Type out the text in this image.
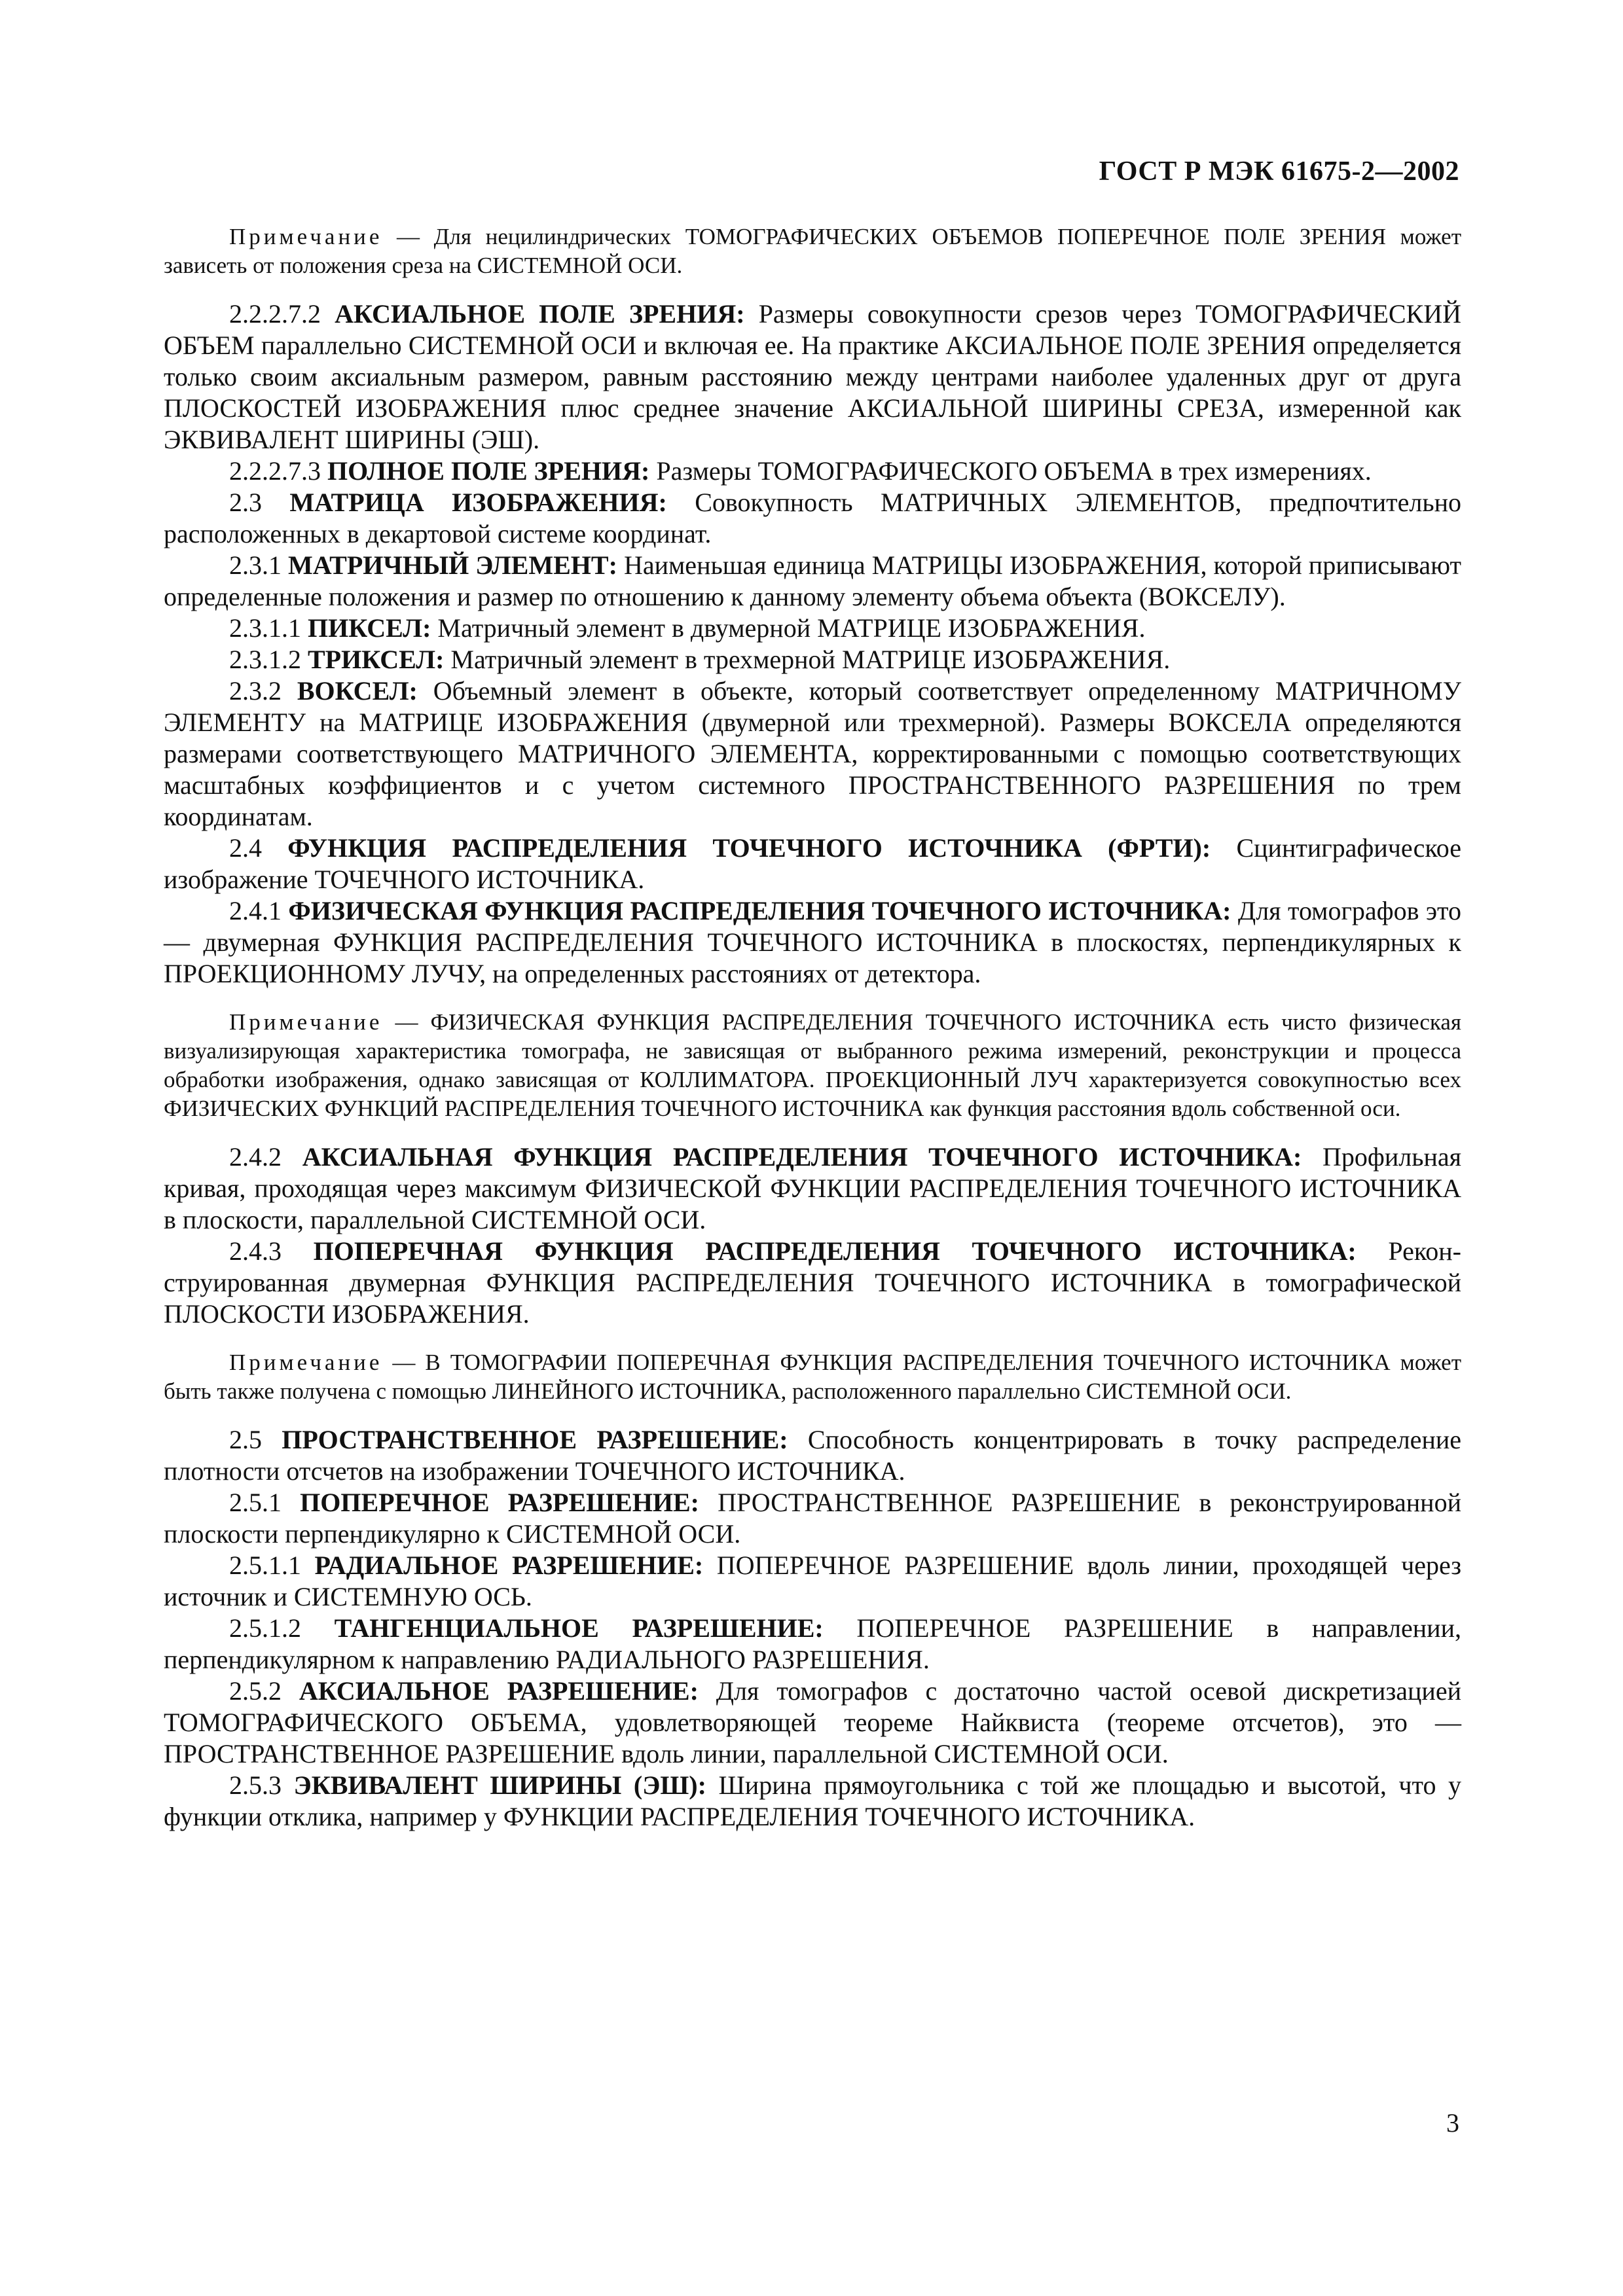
ГОСТ Р МЭК 61675-2—2002

Примечание — Для нецилиндрических ТОМОГРАФИЧЕСКИХ ОБЪЕМОВ ПОПЕРЕЧНОЕ ПОЛЕ ЗРЕНИЯ может зависеть от положения среза на СИСТЕМНОЙ ОСИ.

2.2.2.7.2 АКСИАЛЬНОЕ ПОЛЕ ЗРЕНИЯ: Размеры совокупности срезов через ТОМОГРАФИЧЕСКИЙ ОБЪЕМ параллельно СИСТЕМНОЙ ОСИ и включая ее. На практике АКСИАЛЬНОЕ ПОЛЕ ЗРЕНИЯ определяется только своим аксиальным размером, равным расстоянию между центрами наиболее удаленных друг от друга ПЛОСКОСТЕЙ ИЗОБРАЖЕНИЯ плюс среднее значение АКСИАЛЬНОЙ ШИРИНЫ СРЕЗА, измеренной как ЭКВИВАЛЕНТ ШИРИНЫ (ЭШ).

2.2.2.7.3 ПОЛНОЕ ПОЛЕ ЗРЕНИЯ: Размеры ТОМОГРАФИЧЕСКОГО ОБЪЕМА в трех измерениях.

2.3 МАТРИЦА ИЗОБРАЖЕНИЯ: Совокупность МАТРИЧНЫХ ЭЛЕМЕНТОВ, предпочтительно расположенных в декартовой системе координат.

2.3.1 МАТРИЧНЫЙ ЭЛЕМЕНТ: Наименьшая единица МАТРИЦЫ ИЗОБРАЖЕНИЯ, которой приписывают определенные положения и размер по отношению к данному элементу объема объекта (ВОКСЕЛУ).

2.3.1.1 ПИКСЕЛ: Матричный элемент в двумерной МАТРИЦЕ ИЗОБРАЖЕНИЯ.

2.3.1.2 ТРИКСЕЛ: Матричный элемент в трехмерной МАТРИЦЕ ИЗОБРАЖЕНИЯ.

2.3.2 ВОКСЕЛ: Объемный элемент в объекте, который соответствует определенному МАТРИЧНОМУ ЭЛЕМЕНТУ на МАТРИЦЕ ИЗОБРАЖЕНИЯ (двумерной или трехмерной). Размеры ВОКСЕЛА определяются размерами соответствующего МАТРИЧНОГО ЭЛЕМЕНТА, корректированными с помощью соответствующих масштабных коэффициентов и с учетом системного ПРОСТРАНСТВЕННОГО РАЗРЕШЕНИЯ по трем координатам.

2.4 ФУНКЦИЯ РАСПРЕДЕЛЕНИЯ ТОЧЕЧНОГО ИСТОЧНИКА (ФРТИ): Сцинтиграфическое изображение ТОЧЕЧНОГО ИСТОЧНИКА.

2.4.1 ФИЗИЧЕСКАЯ ФУНКЦИЯ РАСПРЕДЕЛЕНИЯ ТОЧЕЧНОГО ИСТОЧНИКА: Для томографов это — двумерная ФУНКЦИЯ РАСПРЕДЕЛЕНИЯ ТОЧЕЧНОГО ИСТОЧНИКА в плоскостях, перпендикулярных к ПРОЕКЦИОННОМУ ЛУЧУ, на определенных расстояниях от детектора.

Примечание — ФИЗИЧЕСКАЯ ФУНКЦИЯ РАСПРЕДЕЛЕНИЯ ТОЧЕЧНОГО ИСТОЧНИКА есть чисто физическая визуализирующая характеристика томографа, не зависящая от выбранного режима измерений, реконструкции и процесса обработки изображения, однако зависящая от КОЛЛИМАТОРА. ПРОЕКЦИОННЫЙ ЛУЧ характеризуется совокупностью всех ФИЗИЧЕСКИХ ФУНКЦИЙ РАСПРЕДЕЛЕНИЯ ТОЧЕЧНОГО ИСТОЧНИКА как функция расстояния вдоль собственной оси.

2.4.2 АКСИАЛЬНАЯ ФУНКЦИЯ РАСПРЕДЕЛЕНИЯ ТОЧЕЧНОГО ИСТОЧНИКА: Профильная кривая, проходящая через максимум ФИЗИЧЕСКОЙ ФУНКЦИИ РАСПРЕДЕЛЕНИЯ ТОЧЕЧНОГО ИСТОЧНИКА в плоскости, параллельной СИСТЕМНОЙ ОСИ.

2.4.3 ПОПЕРЕЧНАЯ ФУНКЦИЯ РАСПРЕДЕЛЕНИЯ ТОЧЕЧНОГО ИСТОЧНИКА: Реконструированная двумерная ФУНКЦИЯ РАСПРЕДЕЛЕНИЯ ТОЧЕЧНОГО ИСТОЧНИКА в томографической ПЛОСКОСТИ ИЗОБРАЖЕНИЯ.

Примечание — В ТОМОГРАФИИ ПОПЕРЕЧНАЯ ФУНКЦИЯ РАСПРЕДЕЛЕНИЯ ТОЧЕЧНОГО ИСТОЧНИКА может быть также получена с помощью ЛИНЕЙНОГО ИСТОЧНИКА, расположенного параллельно СИСТЕМНОЙ ОСИ.

2.5 ПРОСТРАНСТВЕННОЕ РАЗРЕШЕНИЕ: Способность концентрировать в точку распределение плотности отсчетов на изображении ТОЧЕЧНОГО ИСТОЧНИКА.

2.5.1 ПОПЕРЕЧНОЕ РАЗРЕШЕНИЕ: ПРОСТРАНСТВЕННОЕ РАЗРЕШЕНИЕ в реконструированной плоскости перпендикулярно к СИСТЕМНОЙ ОСИ.

2.5.1.1 РАДИАЛЬНОЕ РАЗРЕШЕНИЕ: ПОПЕРЕЧНОЕ РАЗРЕШЕНИЕ вдоль линии, проходящей через источник и СИСТЕМНУЮ ОСЬ.

2.5.1.2 ТАНГЕНЦИАЛЬНОЕ РАЗРЕШЕНИЕ: ПОПЕРЕЧНОЕ РАЗРЕШЕНИЕ в направлении, перпендикулярном к направлению РАДИАЛЬНОГО РАЗРЕШЕНИЯ.

2.5.2 АКСИАЛЬНОЕ РАЗРЕШЕНИЕ: Для томографов с достаточно частой осевой дискретизацией ТОМОГРАФИЧЕСКОГО ОБЪЕМА, удовлетворяющей теореме Найквиста (теореме отсчетов), это — ПРОСТРАНСТВЕННОЕ РАЗРЕШЕНИЕ вдоль линии, параллельной СИСТЕМНОЙ ОСИ.

2.5.3 ЭКВИВАЛЕНТ ШИРИНЫ (ЭШ): Ширина прямоугольника с той же площадью и высотой, что у функции отклика, например у ФУНКЦИИ РАСПРЕДЕЛЕНИЯ ТОЧЕЧНОГО ИСТОЧНИКА.

3
